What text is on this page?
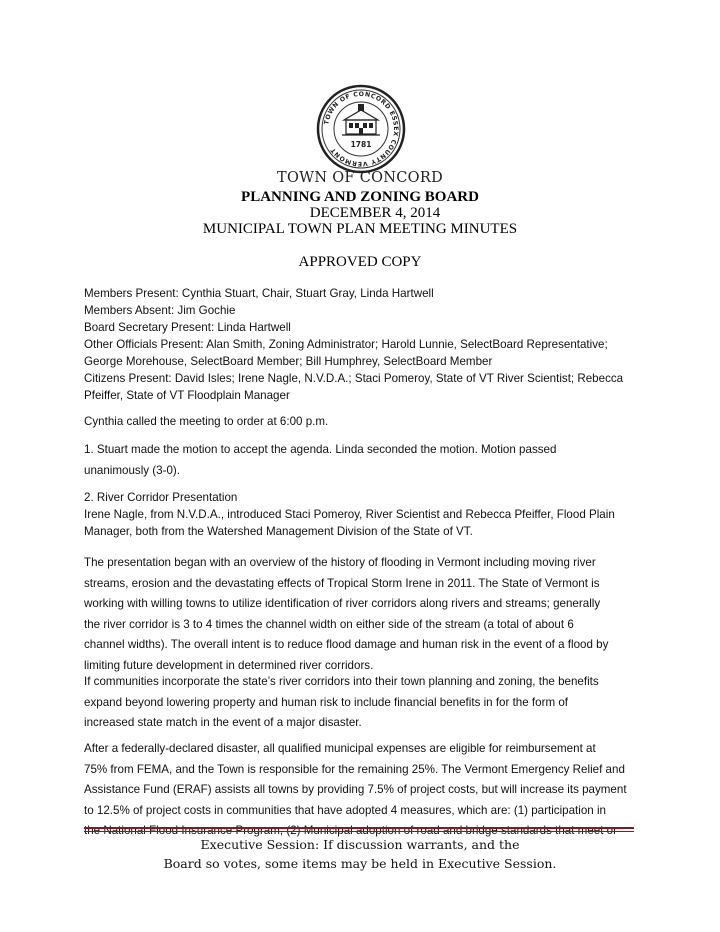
TOWN OF CONCORD ESSEX COUNTY VERMONT
1781
TOWN OF CONCORD
PLANNING AND ZONING BOARD
DECEMBER 4, 2014
MUNICIPAL TOWN PLAN MEETING MINUTES
APPROVED COPY

Members Present: Cynthia Stuart, Chair, Stuart Gray, Linda Hartwell

Members Absent: Jim Gochie

Board Secretary Present: Linda Hartwell

Other Officials Present: Alan Smith, Zoning Administrator; Harold Lunnie, SelectBoard Representative;

George Morehouse, SelectBoard Member; Bill Humphrey, SelectBoard Member

Citizens Present: David Isles; Irene Nagle, N.V.D.A.; Staci Pomeroy, State of VT River Scientist; Rebecca

Pfeiffer, State of VT Floodplain Manager

Cynthia called the meeting to order at 6:00 p.m.

1. Stuart made the motion to accept the agenda. Linda seconded the motion. Motion passed

unanimously (3-0).

2. River Corridor Presentation

Irene Nagle, from N.V.D.A., introduced Staci Pomeroy, River Scientist and Rebecca Pfeiffer, Flood Plain

Manager, both from the Watershed Management Division of the State of VT.

The presentation began with an overview of the history of flooding in Vermont including moving river

streams, erosion and the devastating effects of Tropical Storm Irene in 2011. The State of Vermont is

working with willing towns to utilize identification of river corridors along rivers and streams; generally

the river corridor is 3 to 4 times the channel width on either side of the stream (a total of about 6

channel widths). The overall intent is to reduce flood damage and human risk in the event of a flood by

limiting future development in determined river corridors.

If communities incorporate the state’s river corridors into their town planning and zoning, the benefits

expand beyond lowering property and human risk to include financial benefits in for the form of

increased state match in the event of a major disaster.

After a federally-declared disaster, all qualified municipal expenses are eligible for reimbursement at

75% from FEMA, and the Town is responsible for the remaining 25%. The Vermont Emergency Relief and

Assistance Fund (ERAF) assists all towns by providing 7.5% of project costs, but will increase its payment

to 12.5% of project costs in communities that have adopted 4 measures, which are: (1) participation in

the National Flood Insurance Program; (2) Municipal adoption of road and bridge standards that meet or

Executive Session: If discussion warrants, and the
Board so votes, some items may be held in Executive Session.
